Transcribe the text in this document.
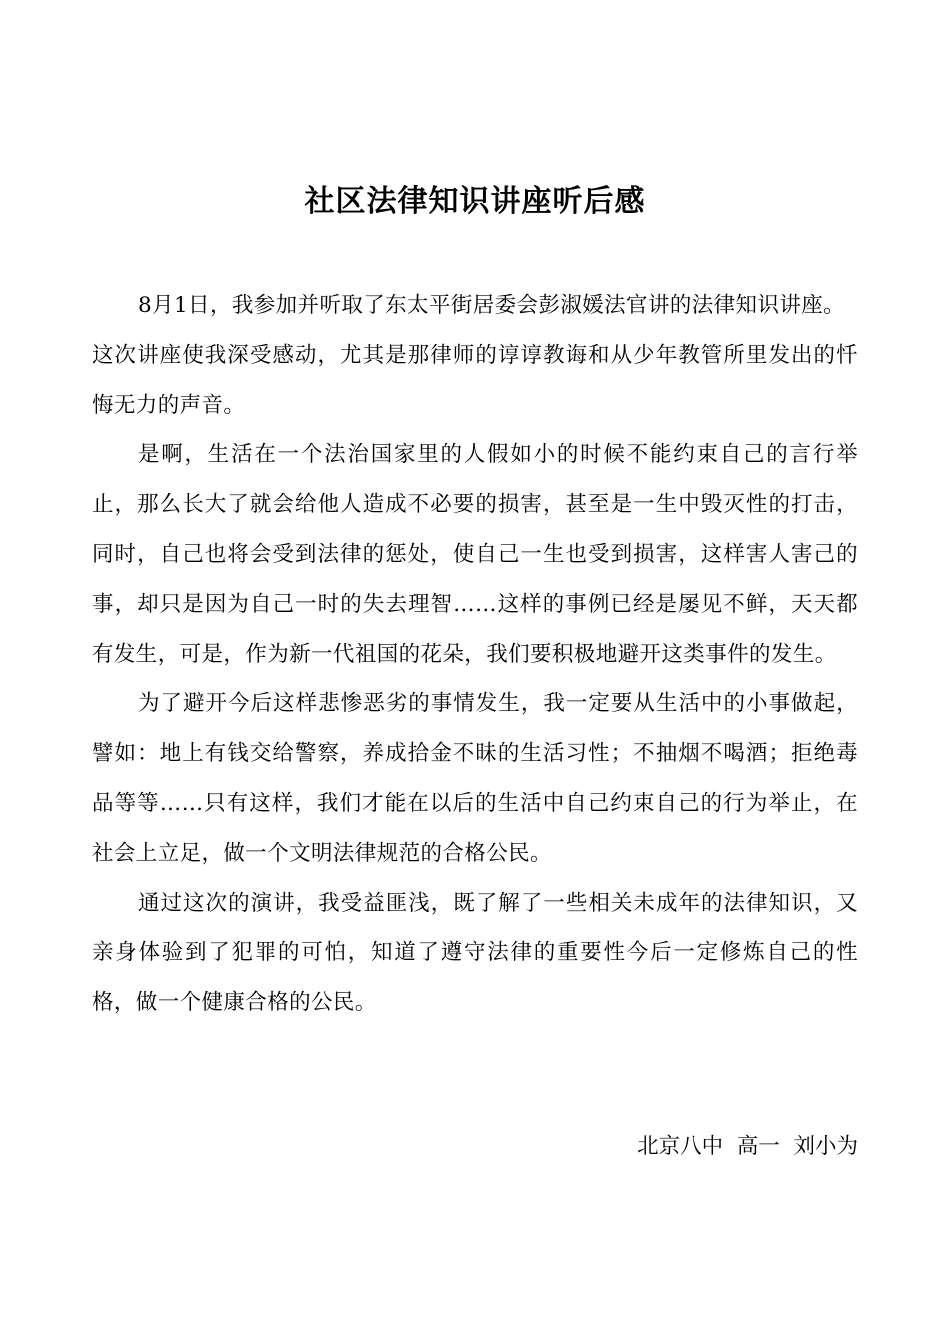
社区法律知识讲座听后感

8月1日，我参加并听取了东太平街居委会彭淑媛法官讲的法律知识讲座。

这次讲座使我深受感动，尤其是那律师的谆谆教诲和从少年教管所里发出的忏悔无力的声音。

是啊，生活在一个法治国家里的人假如小的时候不能约束自己的言行举止，那么长大了就会给他人造成不必要的损害，甚至是一生中毁灭性的打击，同时，自己也将会受到法律的惩处，使自己一生也受到损害，这样害人害己的事，却只是因为自己一时的失去理智……这样的事例已经是屡见不鲜，天天都有发生，可是，作为新一代祖国的花朵，我们要积极地避开这类事件的发生。

为了避开今后这样悲惨恶劣的事情发生，我一定要从生活中的小事做起，譬如：地上有钱交给警察，养成拾金不昧的生活习性；不抽烟不喝酒；拒绝毒品等等……只有这样，我们才能在以后的生活中自己约束自己的行为举止，在社会上立足，做一个文明法律规范的合格公民。

通过这次的演讲，我受益匪浅，既了解了一些相关未成年的法律知识，又亲身体验到了犯罪的可怕，知道了遵守法律的重要性今后一定修炼自己的性格，做一个健康合格的公民。

北京八中  高一  刘小为
